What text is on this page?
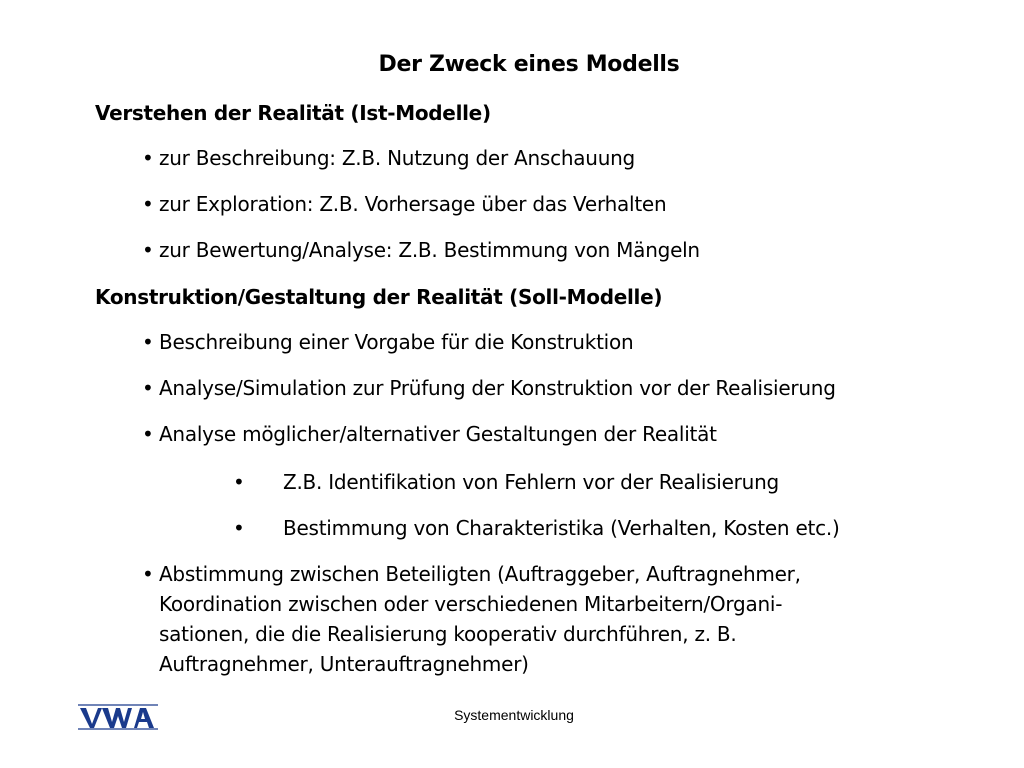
Der Zweck eines Modells
Verstehen der Realität (Ist-Modelle)
• zur Beschreibung: Z.B. Nutzung der Anschauung
• zur Exploration: Z.B. Vorhersage über das Verhalten
• zur Bewertung/Analyse: Z.B. Bestimmung von Mängeln
Konstruktion/Gestaltung der Realität (Soll-Modelle)
• Beschreibung einer Vorgabe für die Konstruktion
• Analyse/Simulation zur Prüfung der Konstruktion vor der Realisierung
• Analyse möglicher/alternativer Gestaltungen der Realität
• Z.B. Identifikation von Fehlern vor der Realisierung
• Bestimmung von Charakteristika (Verhalten, Kosten etc.)
• Abstimmung zwischen Beteiligten (Auftraggeber, Auftragnehmer,
Koordination zwischen oder verschiedenen Mitarbeitern/Organi-
sationen, die die Realisierung kooperativ durchführen, z. B.
Auftragnehmer, Unterauftragnehmer)
Systementwicklung
